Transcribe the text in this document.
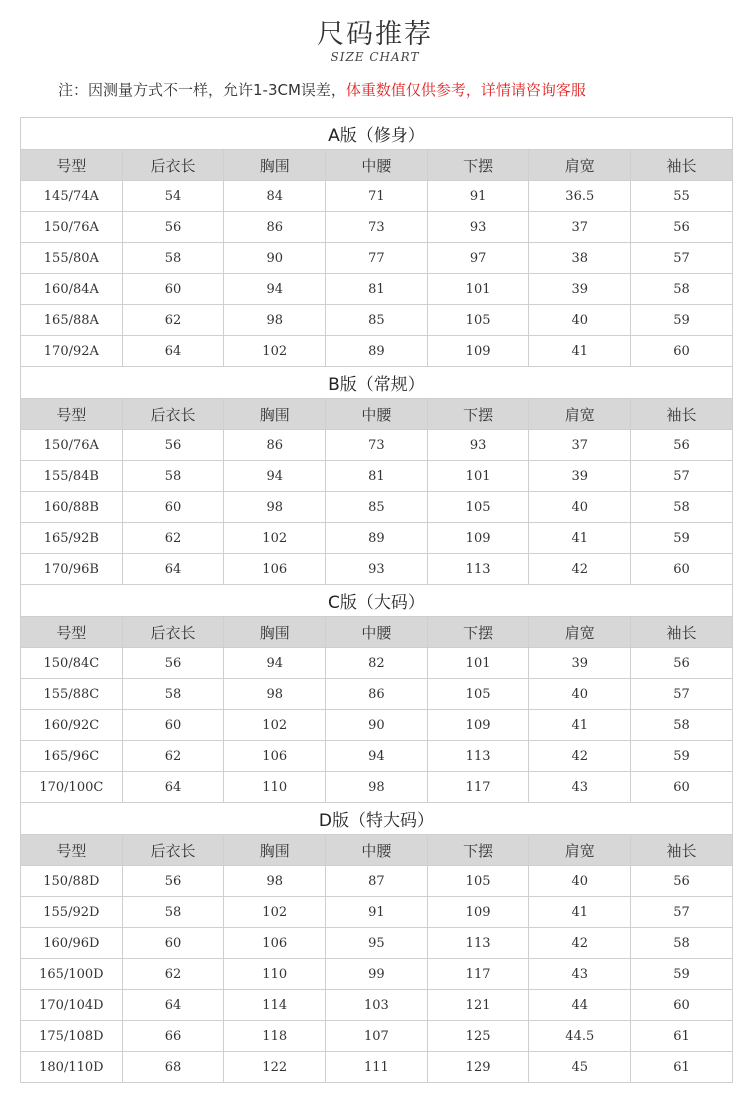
尺码推荐
SIZE CHART
注：因测量方式不一样，允许1-3CM误差，体重数值仅供参考，详情请咨询客服
A版（修身）						
号型	后衣长	胸围	中腰	下摆	肩宽	袖长
145/74A	54	84	71	91	36.5	55
150/76A	56	86	73	93	37	56
155/80A	58	90	77	97	38	57
160/84A	60	94	81	101	39	58
165/88A	62	98	85	105	40	59
170/92A	64	102	89	109	41	60
B版（常规）						
号型	后衣长	胸围	中腰	下摆	肩宽	袖长
150/76A	56	86	73	93	37	56
155/84B	58	94	81	101	39	57
160/88B	60	98	85	105	40	58
165/92B	62	102	89	109	41	59
170/96B	64	106	93	113	42	60
C版（大码）						
号型	后衣长	胸围	中腰	下摆	肩宽	袖长
150/84C	56	94	82	101	39	56
155/88C	58	98	86	105	40	57
160/92C	60	102	90	109	41	58
165/96C	62	106	94	113	42	59
170/100C	64	110	98	117	43	60
D版（特大码）						
号型	后衣长	胸围	中腰	下摆	肩宽	袖长
150/88D	56	98	87	105	40	56
155/92D	58	102	91	109	41	57
160/96D	60	106	95	113	42	58
165/100D	62	110	99	117	43	59
170/104D	64	114	103	121	44	60
175/108D	66	118	107	125	44.5	61
180/110D	68	122	111	129	45	61
